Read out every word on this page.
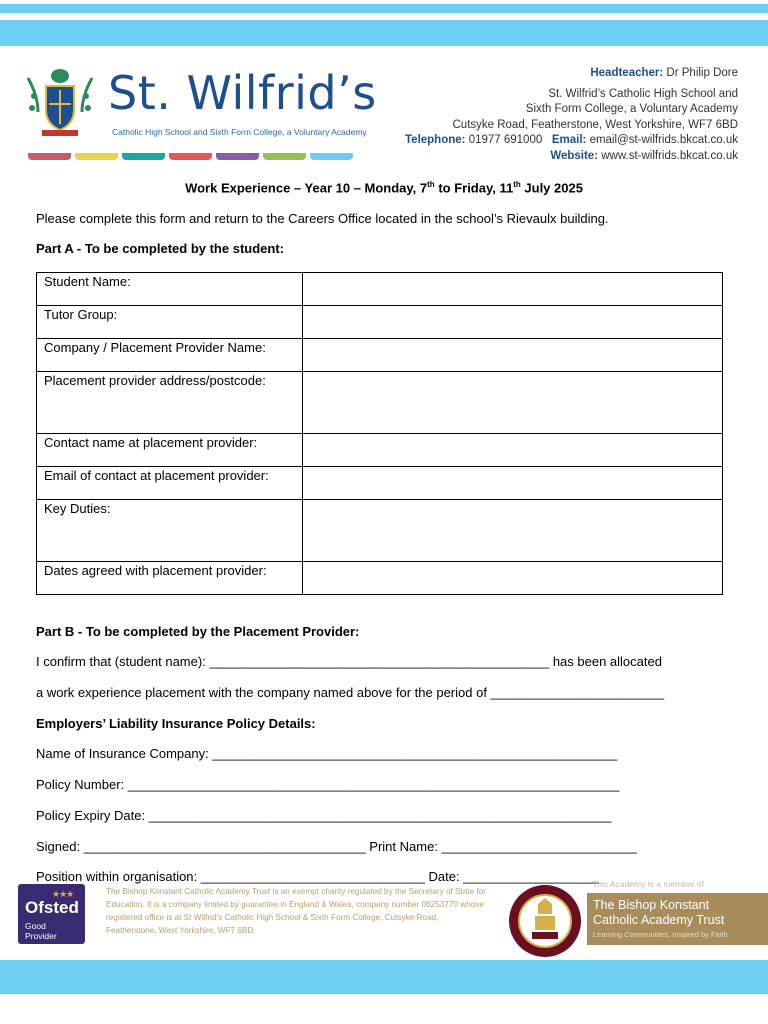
St. Wilfrid’s
Catholic High School and Sixth Form College, a Voluntary Academy
Headteacher: Dr Philip Dore
St. Wilfrid’s Catholic High School and
Sixth Form College, a Voluntary Academy
Cutsyke Road, Featherstone, West Yorkshire, WF7 6BD
Telephone: 01977 691000 Email: email@st-wilfrids.bkcat.co.uk
Website: www.st-wilfrids.bkcat.co.uk
Work Experience – Year 10 – Monday, 7th to Friday, 11th July 2025
Please complete this form and return to the Careers Office located in the school’s Rievaulx building.
Part A - To be completed by the student:
Student Name:	
Tutor Group:	
Company / Placement Provider Name:	
Placement provider address/postcode:	
Contact name at placement provider:	
Email of contact at placement provider:	
Key Duties:	
Dates agreed with placement provider:	
Part B - To be completed by the Placement Provider:
I confirm that (student name): _______________________________________________ has been allocated
a work experience placement with the company named above for the period of ________________________
Employers’ Liability Insurance Policy Details:
Name of Insurance Company: ________________________________________________________
Policy Number: ____________________________________________________________________
Policy Expiry Date: ________________________________________________________________
Signed: _______________________________________ Print Name: ___________________________
Position within organisation: _______________________________ Date: ___________________
★★★
Ofsted
Good
Provider
The Bishop Konstant Catholic Academy Trust is an exempt charity regulated by the Secretary of State for Education. It is a company limited by guarantee in England & Wales, company number 08253770 whose registered office is at St Wilfrid’s Catholic High School & Sixth Form College, Cutsyke Road, Featherstone, West Yorkshire, WF7 6BD.
This Academy is a member of
The Bishop Konstant
Catholic Academy Trust
Learning Communities, Inspired by Faith
